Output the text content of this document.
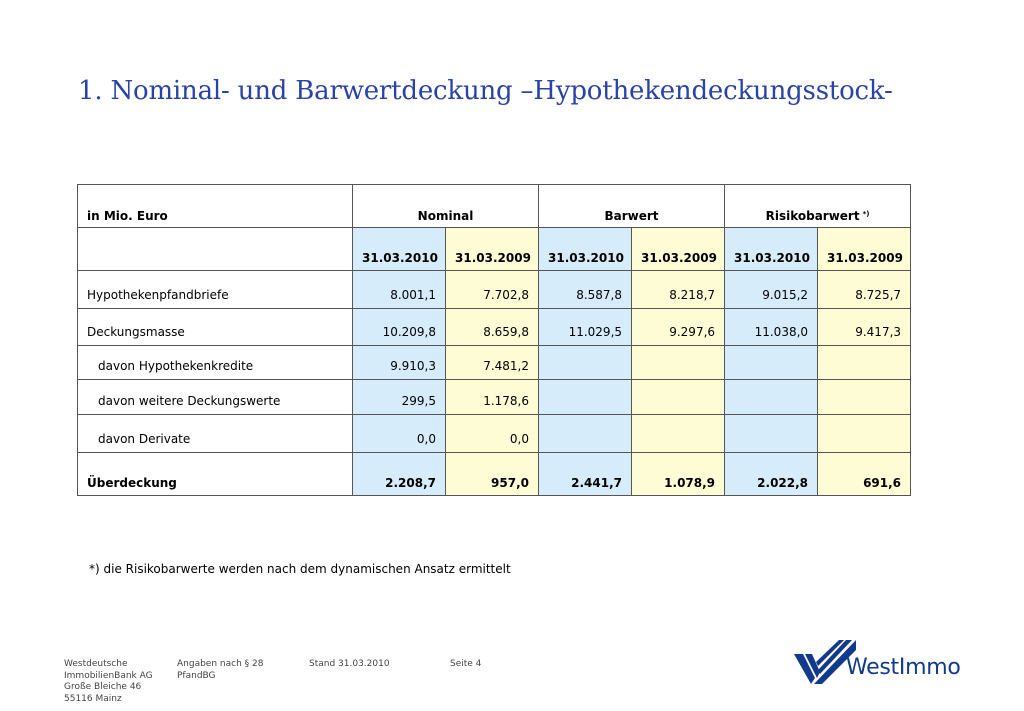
1. Nominal- und Barwertdeckung –Hypothekendeckungsstock-
in Mio. Euro	Nominal		Barwert		Risikobarwert *)
	31.03.2010	31.03.2009	31.03.2010	31.03.2009	31.03.2010	31.03.2009
Hypothekenpfandbriefe	8.001,1	7.702,8	8.587,8	8.218,7	9.015,2	8.725,7
Deckungsmasse	10.209,8	8.659,8	11.029,5	9.297,6	11.038,0	9.417,3
davon Hypothekenkredite	9.910,3	7.481,2				
davon weitere Deckungswerte	299,5	1.178,6				
davon Derivate	0,0	0,0				
Überdeckung	2.208,7	957,0	2.441,7	1.078,9	2.022,8	691,6
*) die Risikobarwerte werden nach dem dynamischen Ansatz ermittelt
Westdeutsche
ImmobilienBank AG
Große Bleiche 46
55116 Mainz
Angaben nach § 28
PfandBG
Stand 31.03.2010	Seite 4	WestImmo
